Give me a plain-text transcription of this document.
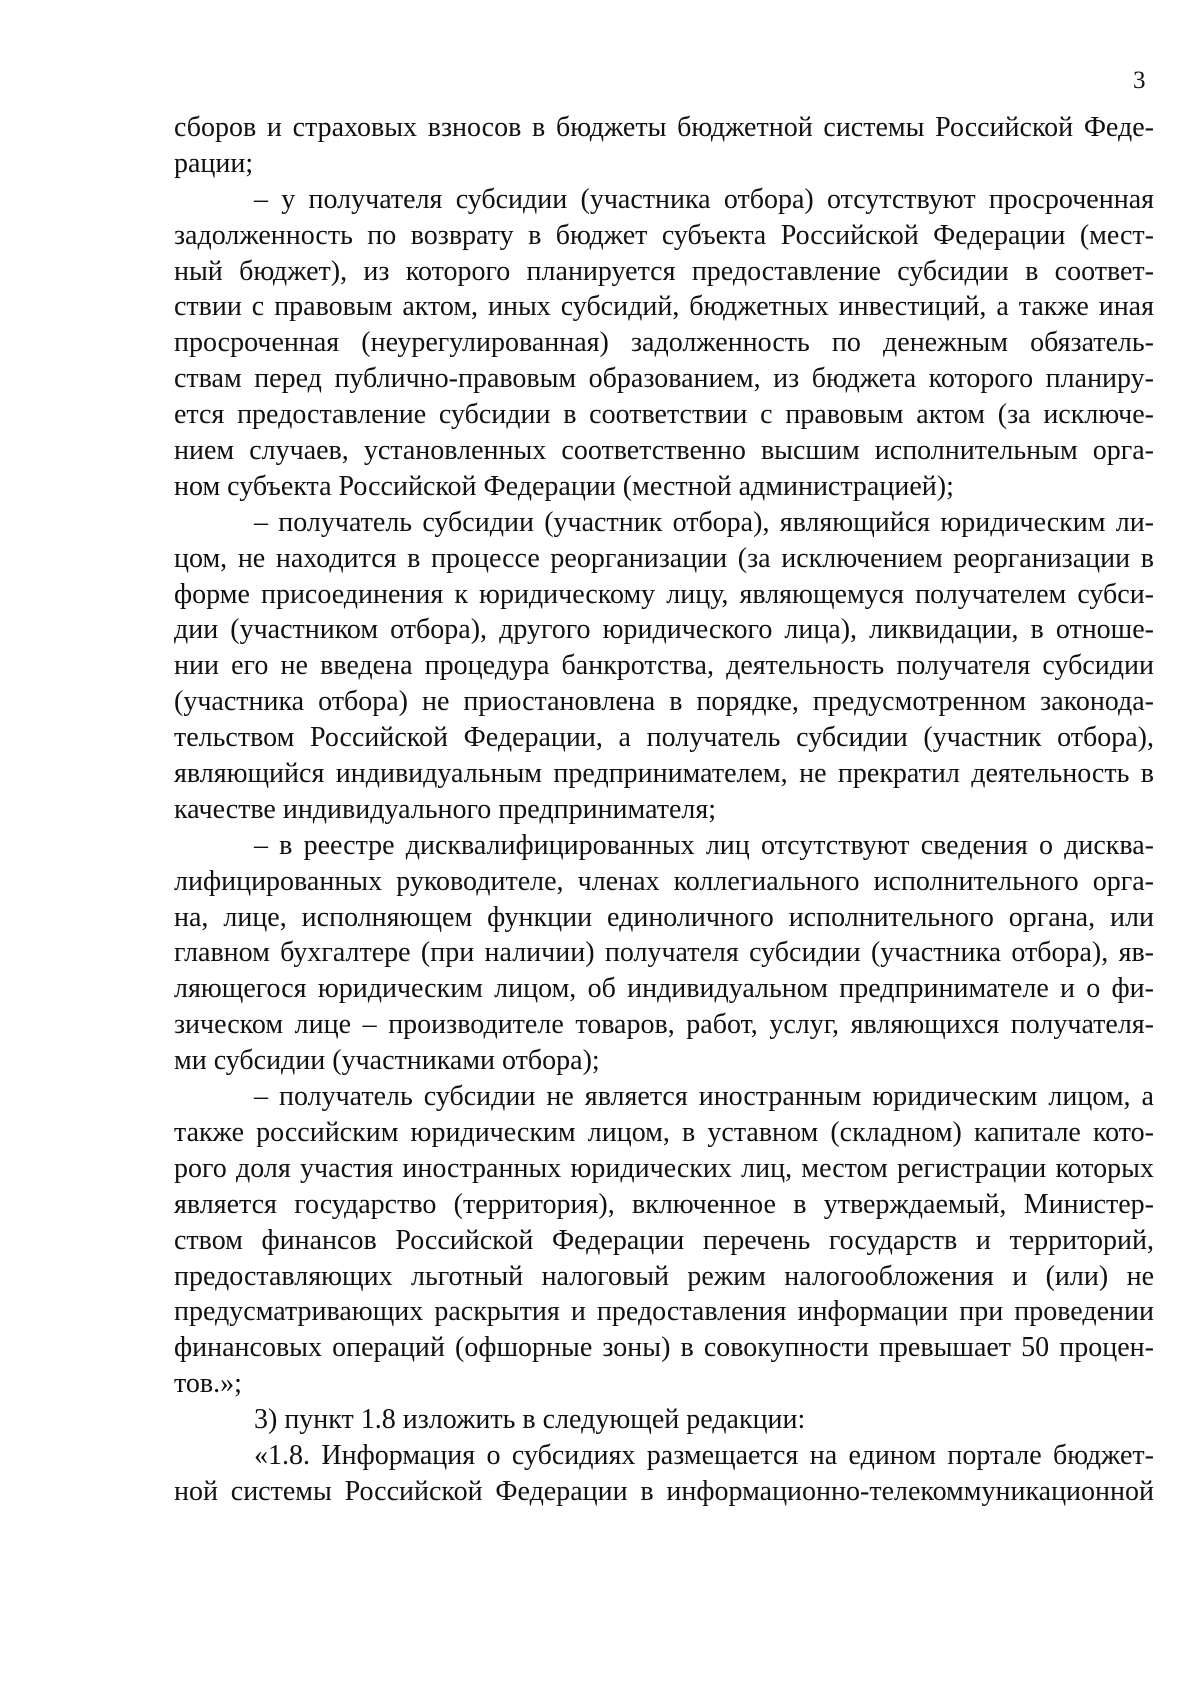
3
сборов и страховых взносов в бюджеты бюджетной системы Российской Феде-
рации;
– у получателя субсидии (участника отбора) отсутствуют просроченная
задолженность по возврату в бюджет субъекта Российской Федерации (мест-
ный бюджет), из которого планируется предоставление субсидии в соответ-
ствии с правовым актом, иных субсидий, бюджетных инвестиций, а также иная
просроченная (неурегулированная) задолженность по денежным обязатель-
ствам перед публично-правовым образованием, из бюджета которого планиру-
ется предоставление субсидии в соответствии с правовым актом (за исключе-
нием случаев, установленных соответственно высшим исполнительным орга-
ном субъекта Российской Федерации (местной администрацией);
– получатель субсидии (участник отбора), являющийся юридическим ли-
цом, не находится в процессе реорганизации (за исключением реорганизации в
форме присоединения к юридическому лицу, являющемуся получателем субси-
дии (участником отбора), другого юридического лица), ликвидации, в отноше-
нии его не введена процедура банкротства, деятельность получателя субсидии
(участника отбора) не приостановлена в порядке, предусмотренном законода-
тельством Российской Федерации, а получатель субсидии (участник отбора),
являющийся индивидуальным предпринимателем, не прекратил деятельность в
качестве индивидуального предпринимателя;
– в реестре дисквалифицированных лиц отсутствуют сведения о дисква-
лифицированных руководителе, членах коллегиального исполнительного орга-
на, лице, исполняющем функции единоличного исполнительного органа, или
главном бухгалтере (при наличии) получателя субсидии (участника отбора), яв-
ляющегося юридическим лицом, об индивидуальном предпринимателе и о фи-
зическом лице – производителе товаров, работ, услуг, являющихся получателя-
ми субсидии (участниками отбора);
– получатель субсидии не является иностранным юридическим лицом, а
также российским юридическим лицом, в уставном (складном) капитале кото-
рого доля участия иностранных юридических лиц, местом регистрации которых
является государство (территория), включенное в утверждаемый, Министер-
ством финансов Российской Федерации перечень государств и территорий,
предоставляющих льготный налоговый режим налогообложения и (или) не
предусматривающих раскрытия и предоставления информации при проведении
финансовых операций (офшорные зоны) в совокупности превышает 50 процен-
тов.»;
3) пункт 1.8 изложить в следующей редакции:
«1.8. Информация о субсидиях размещается на едином портале бюджет-
ной системы Российской Федерации в информационно-телекоммуникационной
